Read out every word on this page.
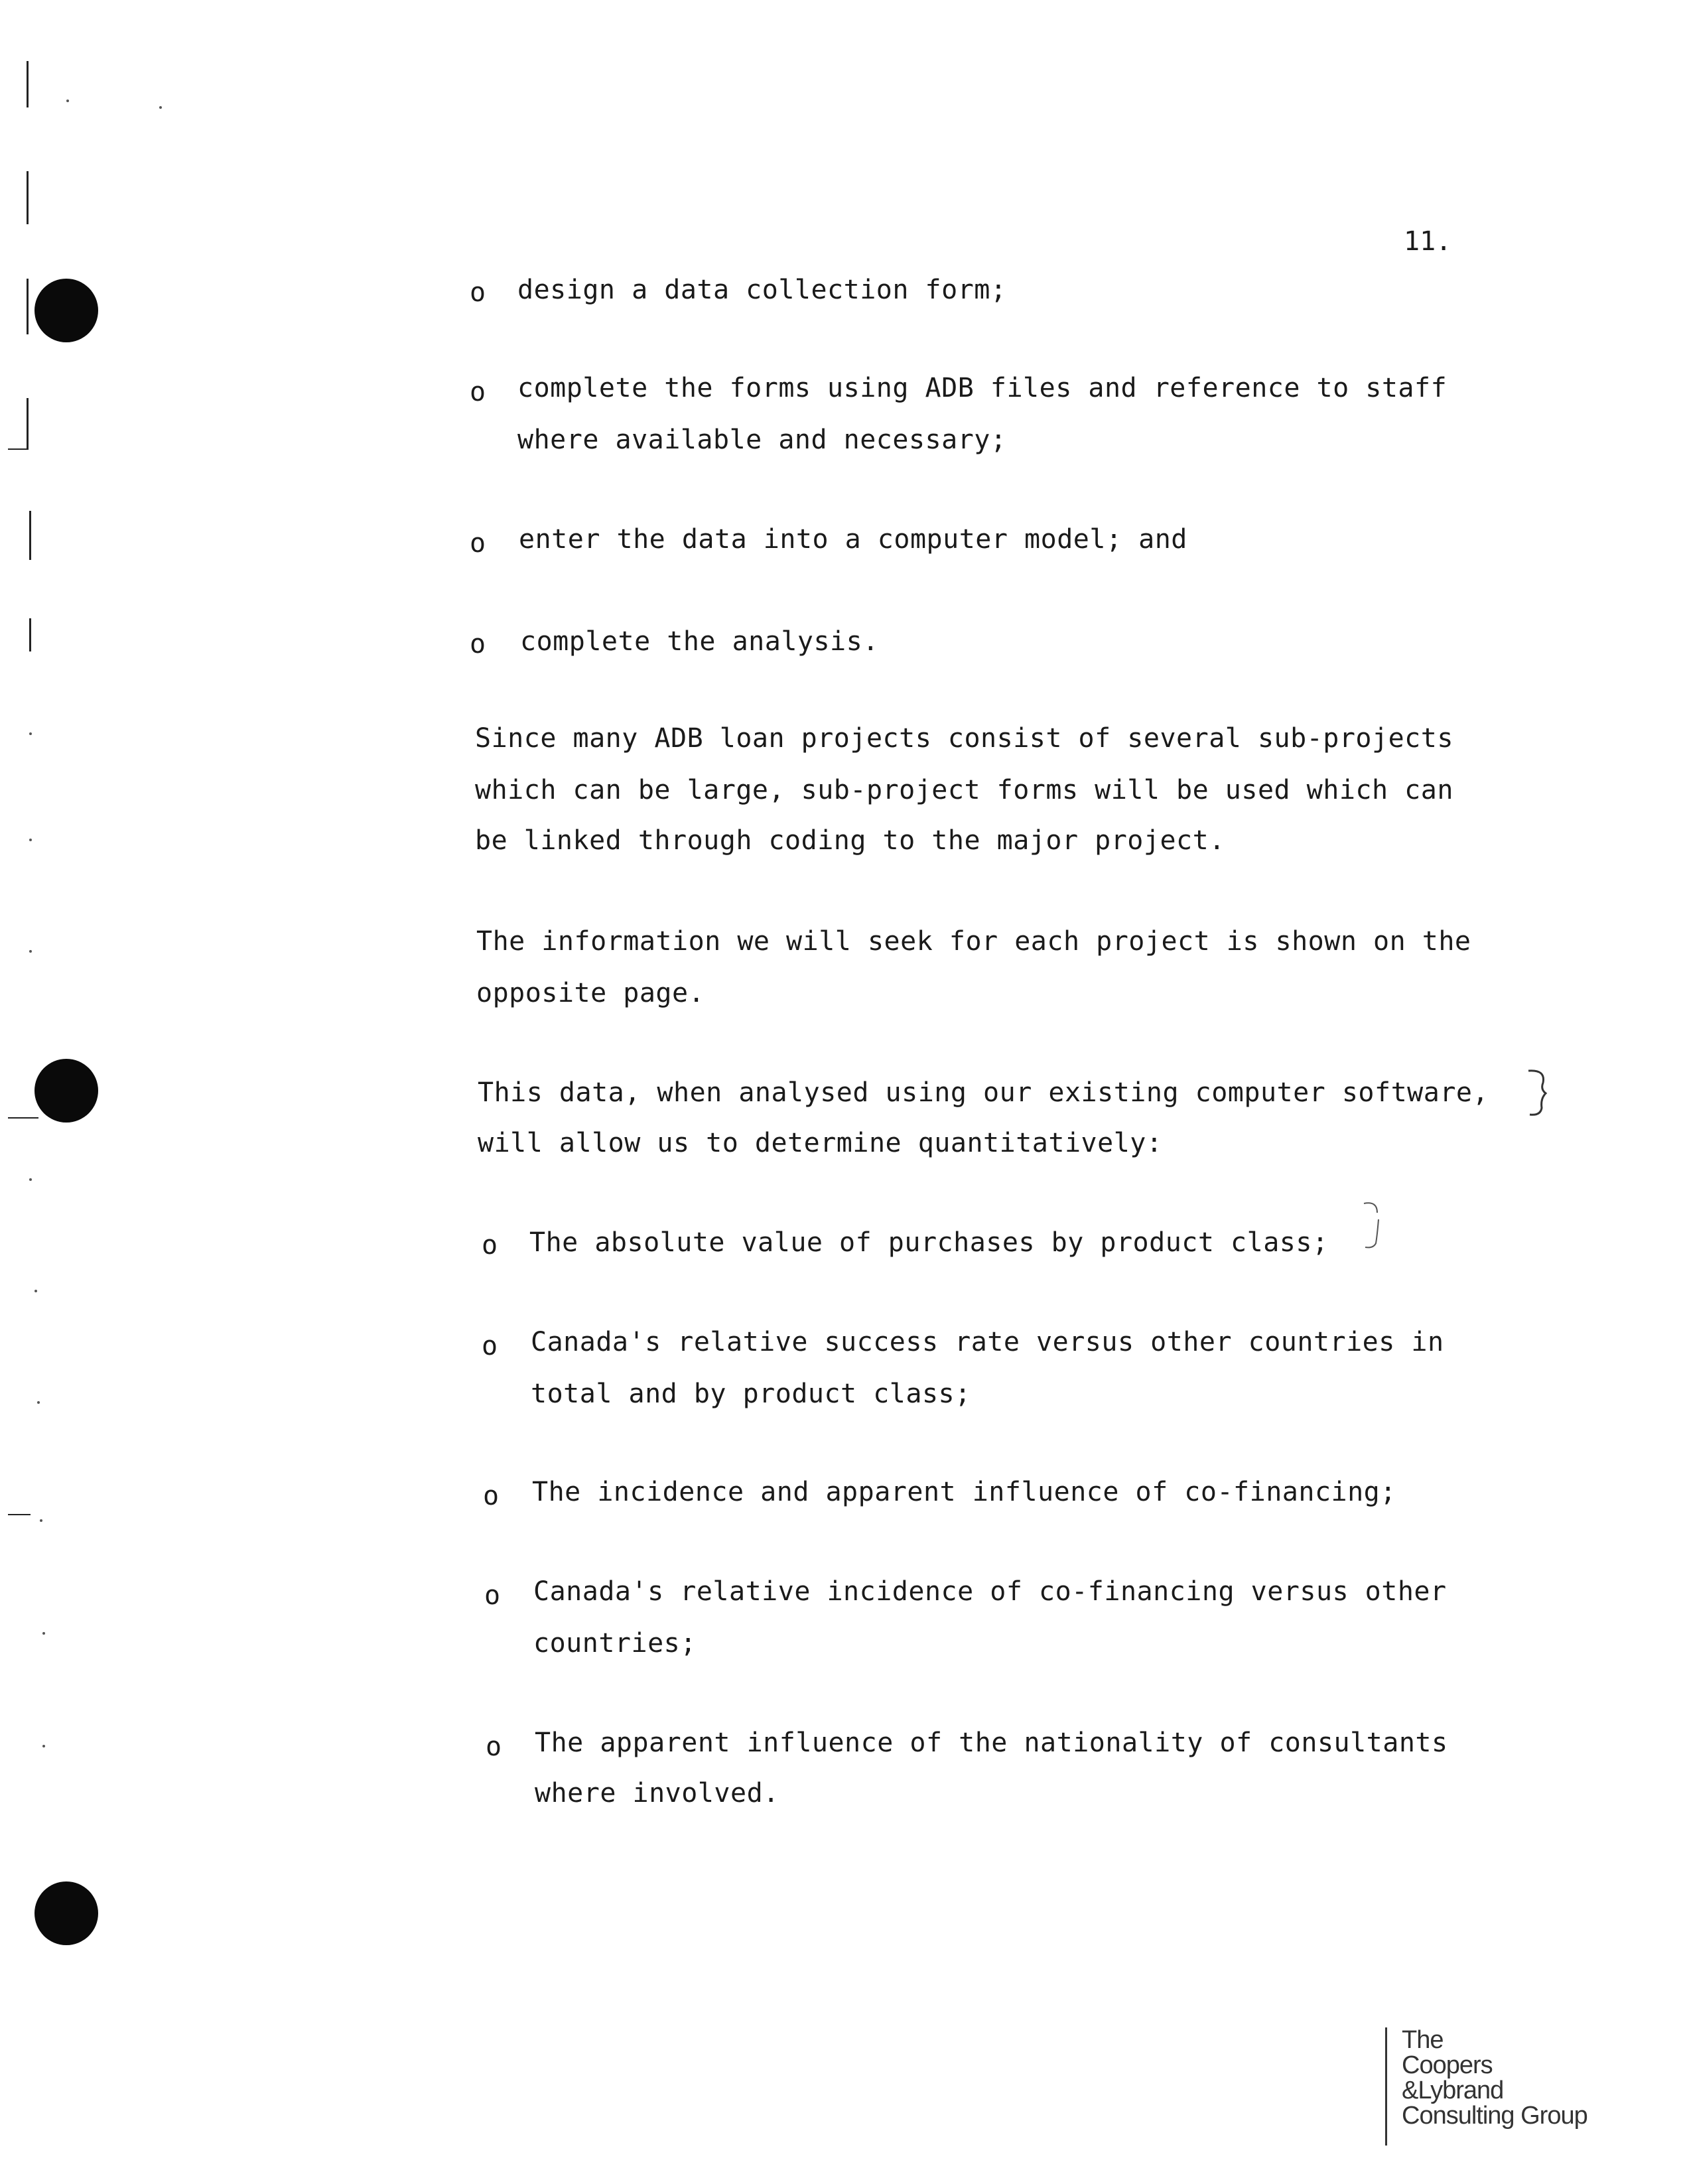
11.
o design a data collection form;
o complete the forms using ADB files and reference to staff
where available and necessary;
o enter the data into a computer model; and
o complete the analysis.
Since many ADB loan projects consist of several sub-projects
which can be large, sub-project forms will be used which can
be linked through coding to the major project.
The information we will seek for each project is shown on the
opposite page.
This data, when analysed using our existing computer software,
will allow us to determine quantitatively:
o The absolute value of purchases by product class;
o Canada's relative success rate versus other countries in
total and by product class;
o The incidence and apparent influence of co-financing;
o Canada's relative incidence of co-financing versus other
countries;
o The apparent influence of the nationality of consultants
where involved.
The
Coopers
&Lybrand
Consulting Group
